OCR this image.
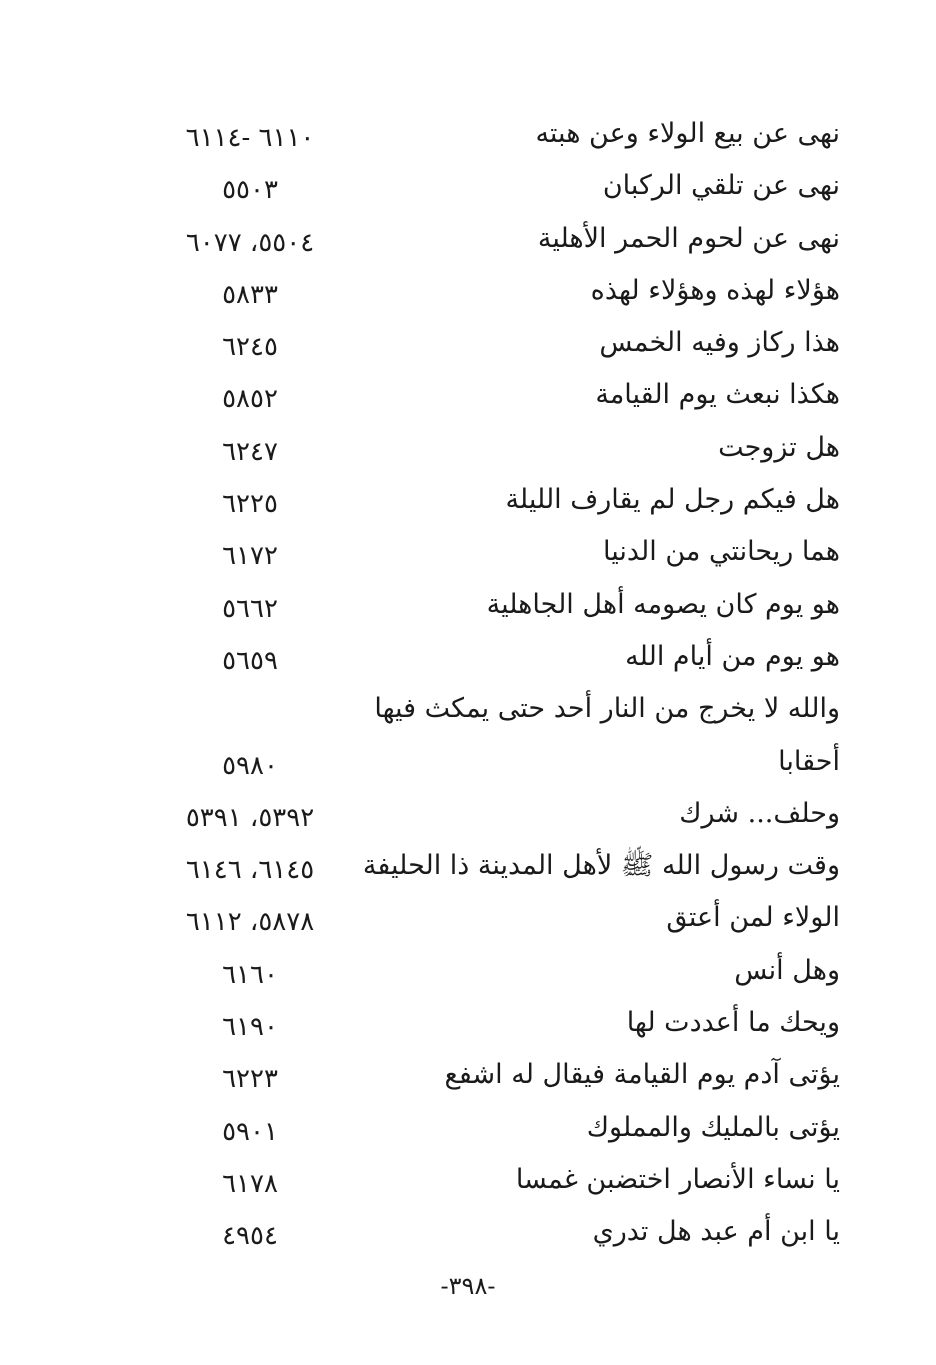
نهى عن بيع الولاء وعن هبته
٦١١٠ -٦١١٤
نهى عن تلقي الركبان
٥٥٠٣
نهى عن لحوم الحمر الأهلية
٥٥٠٤، ٦٠٧٧
هؤلاء لهذه وهؤلاء لهذه
٥٨٣٣
هذا ركاز وفيه الخمس
٦٢٤٥
هكذا نبعث يوم القيامة
٥٨٥٢
هل تزوجت
٦٢٤٧
هل فيكم رجل لم يقارف الليلة
٦٢٢٥
هما ريحانتي من الدنيا
٦١٧٢
هو يوم كان يصومه أهل الجاهلية
٥٦٦٢
هو يوم من أيام الله
٥٦٥٩
والله لا يخرج من النار أحد حتى يمكث فيها
أحقابا
٥٩٨٠
وحلف... شرك
٥٣٩٢، ٥٣٩١
وقت رسول الله ﷺ لأهل المدينة ذا الحليفة
٦١٤٥، ٦١٤٦
الولاء لمن أعتق
٥٨٧٨، ٦١١٢
وهل أنس
٦١٦٠
ويحك ما أعددت لها
٦١٩٠
يؤتى آدم يوم القيامة فيقال له اشفع
٦٢٢٣
يؤتى بالمليك والمملوك
٥٩٠١
يا نساء الأنصار اختضبن غمسا
٦١٧٨
يا ابن أم عبد هل تدري
٤٩٥٤
-٣٩٨-
